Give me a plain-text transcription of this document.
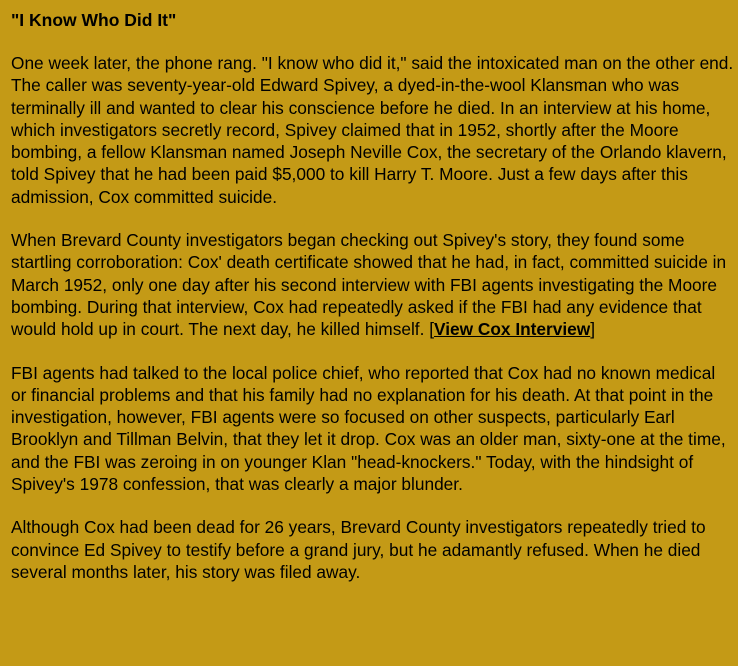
"I Know Who Did It"

One week later, the phone rang. "I know who did it," said the intoxicated man on the other end. The caller was seventy-year-old Edward Spivey, a dyed-in-the-wool Klansman who was terminally ill and wanted to clear his conscience before he died. In an interview at his home, which investigators secretly record, Spivey claimed that in 1952, shortly after the Moore bombing, a fellow Klansman named Joseph Neville Cox, the secretary of the Orlando klavern, told Spivey that he had been paid $5,000 to kill Harry T. Moore. Just a few days after this admission, Cox committed suicide.

When Brevard County investigators began checking out Spivey's story, they found some startling corroboration: Cox' death certificate showed that he had, in fact, committed suicide in March 1952, only one day after his second interview with FBI agents investigating the Moore bombing. During that interview, Cox had repeatedly asked if the FBI had any evidence that would hold up in court. The next day, he killed himself. [View Cox Interview]

FBI agents had talked to the local police chief, who reported that Cox had no known medical or financial problems and that his family had no explanation for his death. At that point in the investigation, however, FBI agents were so focused on other suspects, particularly Earl Brooklyn and Tillman Belvin, that they let it drop. Cox was an older man, sixty-one at the time, and the FBI was zeroing in on younger Klan "head-knockers." Today, with the hindsight of Spivey's 1978 confession, that was clearly a major blunder.

Although Cox had been dead for 26 years, Brevard County investigators repeatedly tried to convince Ed Spivey to testify before a grand jury, but he adamantly refused. When he died several months later, his story was filed away.
